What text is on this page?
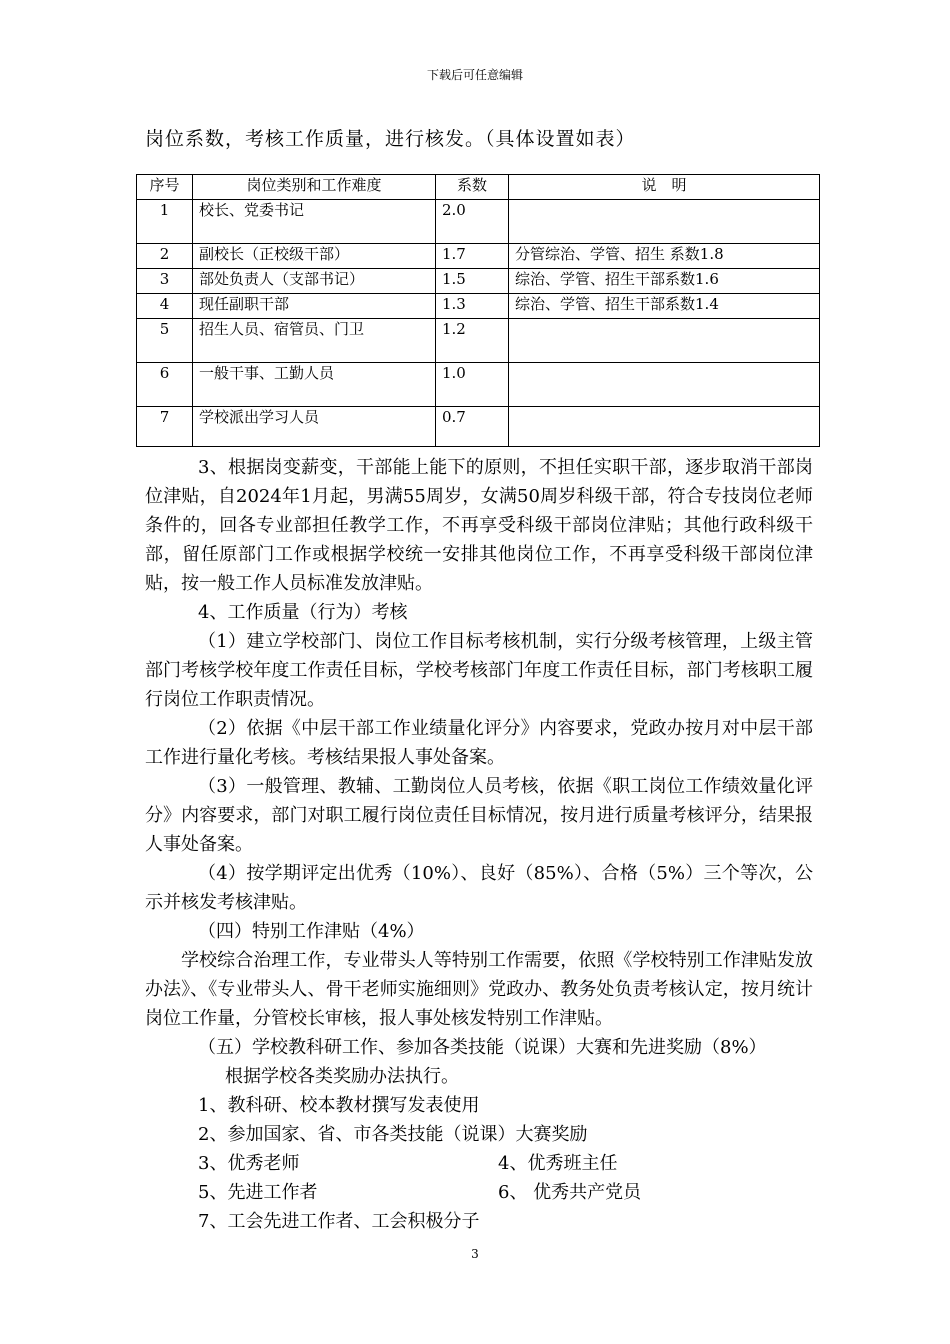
下载后可任意编辑
岗位系数，考核工作质量，进行核发。（具体设置如表）
序号	岗位类别和工作难度	系数	说　明
1	校长、党委书记	2.0	
2	副校长（正校级干部）	1.7	分管综治、学管、招生 系数1.8
3	部处负责人（支部书记）	1.5	综治、学管、招生干部系数1.6
4	现任副职干部	1.3	综治、学管、招生干部系数1.4
5	招生人员、宿管员、门卫	1.2	
6	一般干事、工勤人员	1.0	
7	学校派出学习人员	0.7	

3、根据岗变薪变，干部能上能下的原则，不担任实职干部，逐步取消干部岗位津贴，自2024年1月起，男满55周岁，女满50周岁科级干部，符合专技岗位老师条件的，回各专业部担任教学工作，不再享受科级干部岗位津贴；其他行政科级干部，留任原部门工作或根据学校统一安排其他岗位工作，不再享受科级干部岗位津贴，按一般工作人员标准发放津贴。

4、工作质量（行为）考核

（1）建立学校部门、岗位工作目标考核机制，实行分级考核管理，上级主管部门考核学校年度工作责任目标，学校考核部门年度工作责任目标，部门考核职工履行岗位工作职责情况。

（2）依据《中层干部工作业绩量化评分》内容要求，党政办按月对中层干部工作进行量化考核。考核结果报人事处备案。

（3）一般管理、教辅、工勤岗位人员考核，依据《职工岗位工作绩效量化评分》内容要求，部门对职工履行岗位责任目标情况，按月进行质量考核评分，结果报人事处备案。

（4）按学期评定出优秀（10%）、良好（85%）、合格（5%）三个等次，公示并核发考核津贴。

（四）特别工作津贴（4%）

学校综合治理工作，专业带头人等特别工作需要，依照《学校特别工作津贴发放办法》、《专业带头人、骨干老师实施细则》党政办、教务处负责考核认定，按月统计岗位工作量，分管校长审核，报人事处核发特别工作津贴。

（五）学校教科研工作、参加各类技能（说课）大赛和先进奖励（8%）

根据学校各类奖励办法执行。

1、教科研、校本教材撰写发表使用

2、参加国家、省、市各类技能（说课）大赛奖励

3、优秀老师	4、优秀班主任
5、先进工作者	6、 优秀共产党员

7、工会先进工作者、工会积极分子

3
